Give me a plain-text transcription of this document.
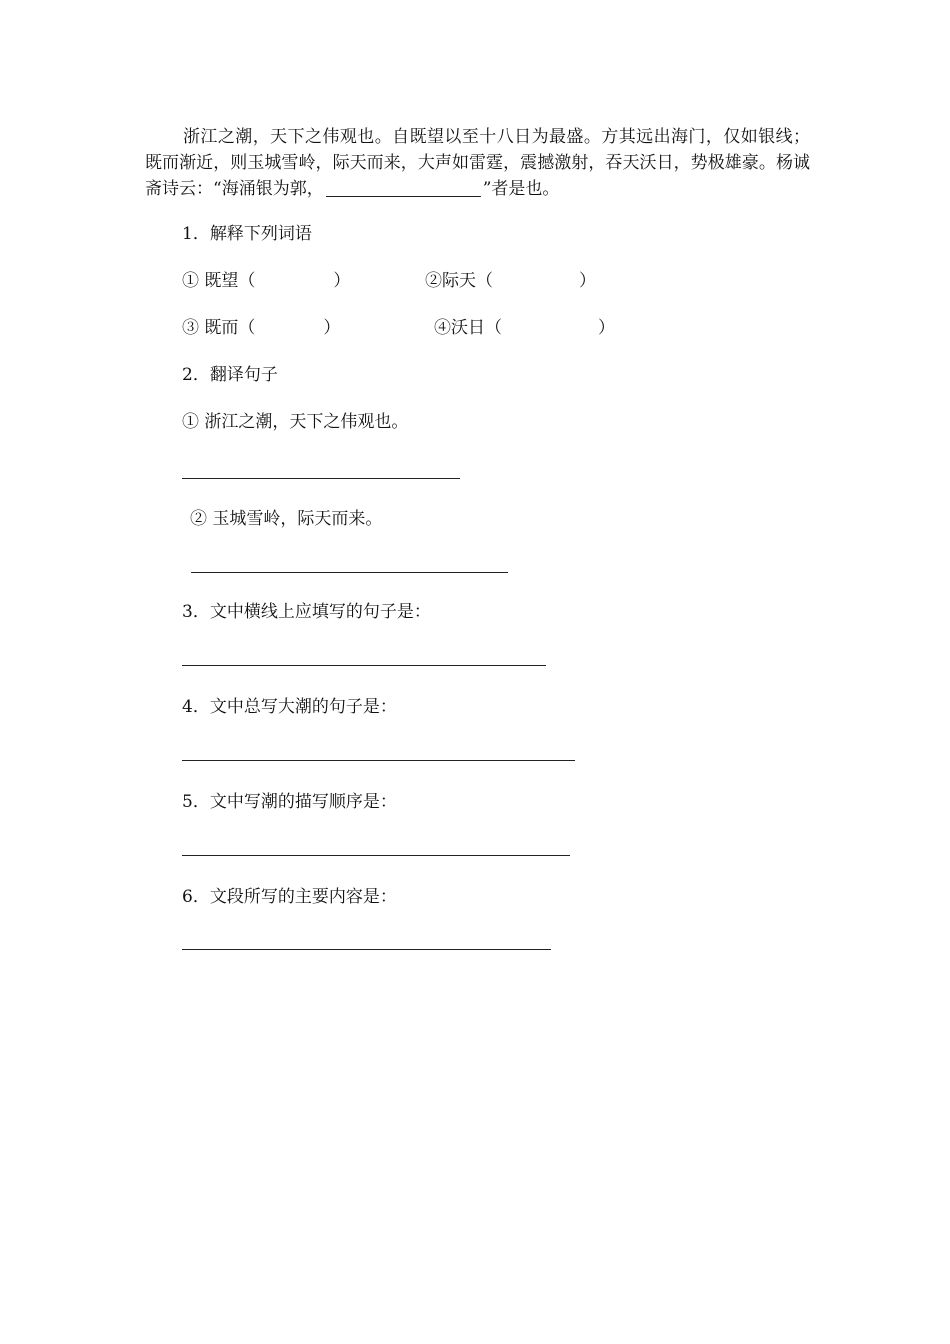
浙江之潮，天下之伟观也。自既望以至十八日为最盛。方其远出海门，仅如银线；既而渐近，则玉城雪岭，际天而来，大声如雷霆，震撼激射，吞天沃日，势极雄豪。杨诚斋诗云：“海涌银为郭，	”者是也。

1．解释下列词语

① 既望（	）	②际天（	）
③ 既而（	）	④沃日（	）

2．翻译句子

① 浙江之潮，天下之伟观也。

② 玉城雪岭，际天而来。

3．文中横线上应填写的句子是：

4．文中总写大潮的句子是：

5．文中写潮的描写顺序是：

6．文段所写的主要内容是：
